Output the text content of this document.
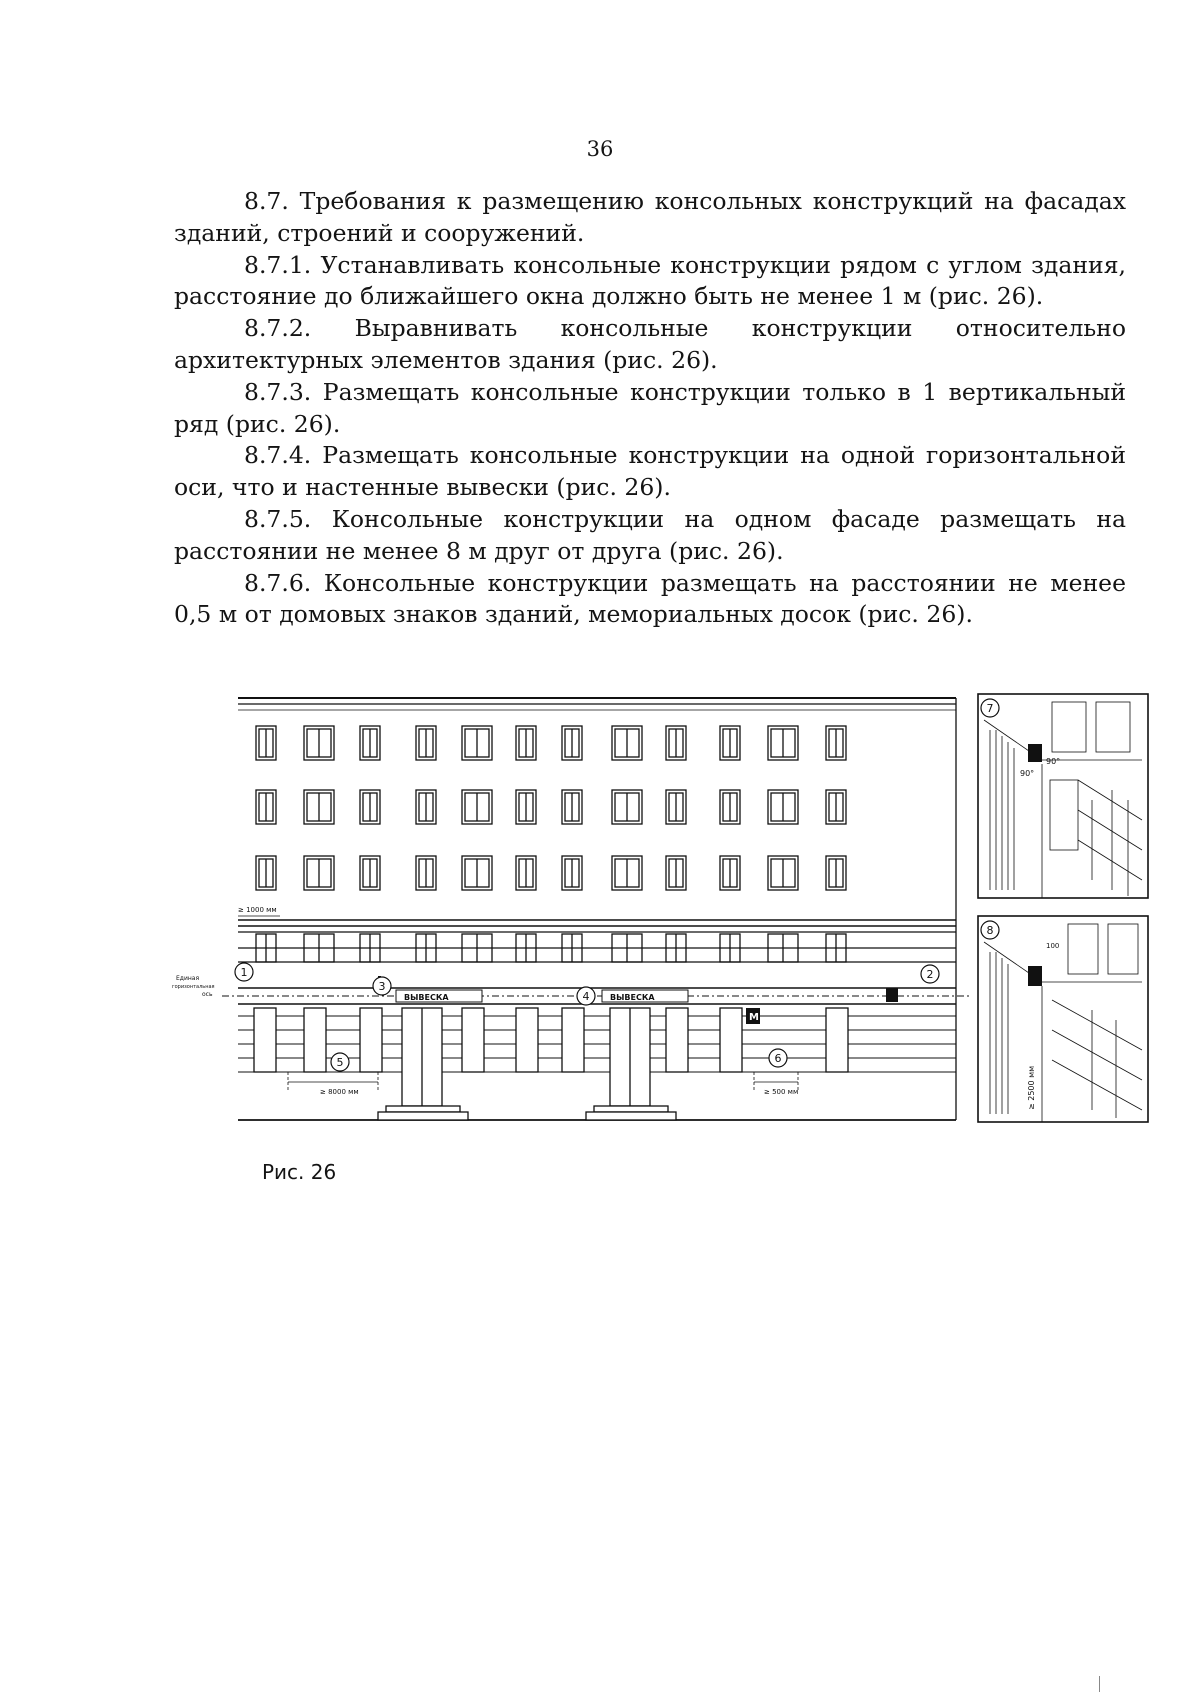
36

8.7. Требования к размещению консольных конструкций на фасадах зданий, строений и сооружений.

8.7.1. Устанавливать консольные конструкции рядом с углом здания, расстояние до ближайшего окна должно быть не менее 1 м (рис. 26).

8.7.2. Выравнивать консольные конструкции относительно архитектурных элементов здания (рис. 26).

8.7.3. Размещать консольные конструкции только в 1 вертикальный ряд (рис. 26).

8.7.4. Размещать консольные конструкции на одной горизонтальной оси, что и настенные вывески (рис. 26).

8.7.5. Консольные конструкции на одном фасаде размещать на расстоянии не менее 8 м друг от друга (рис. 26).

8.7.6. Консольные конструкции размещать на расстоянии не менее 0,5 м от домовых знаков зданий, мемориальных досок (рис. 26).

ВЫВЕСКА	ВЫВЕСКА
М
Единая
горизонтальная
ось
≥ 1000 мм
≥ 8000 мм	≥ 500 мм
1	2
3
4
5	6
7
90°
90°
8
100
≥ 2500 мм
Рис. 26
